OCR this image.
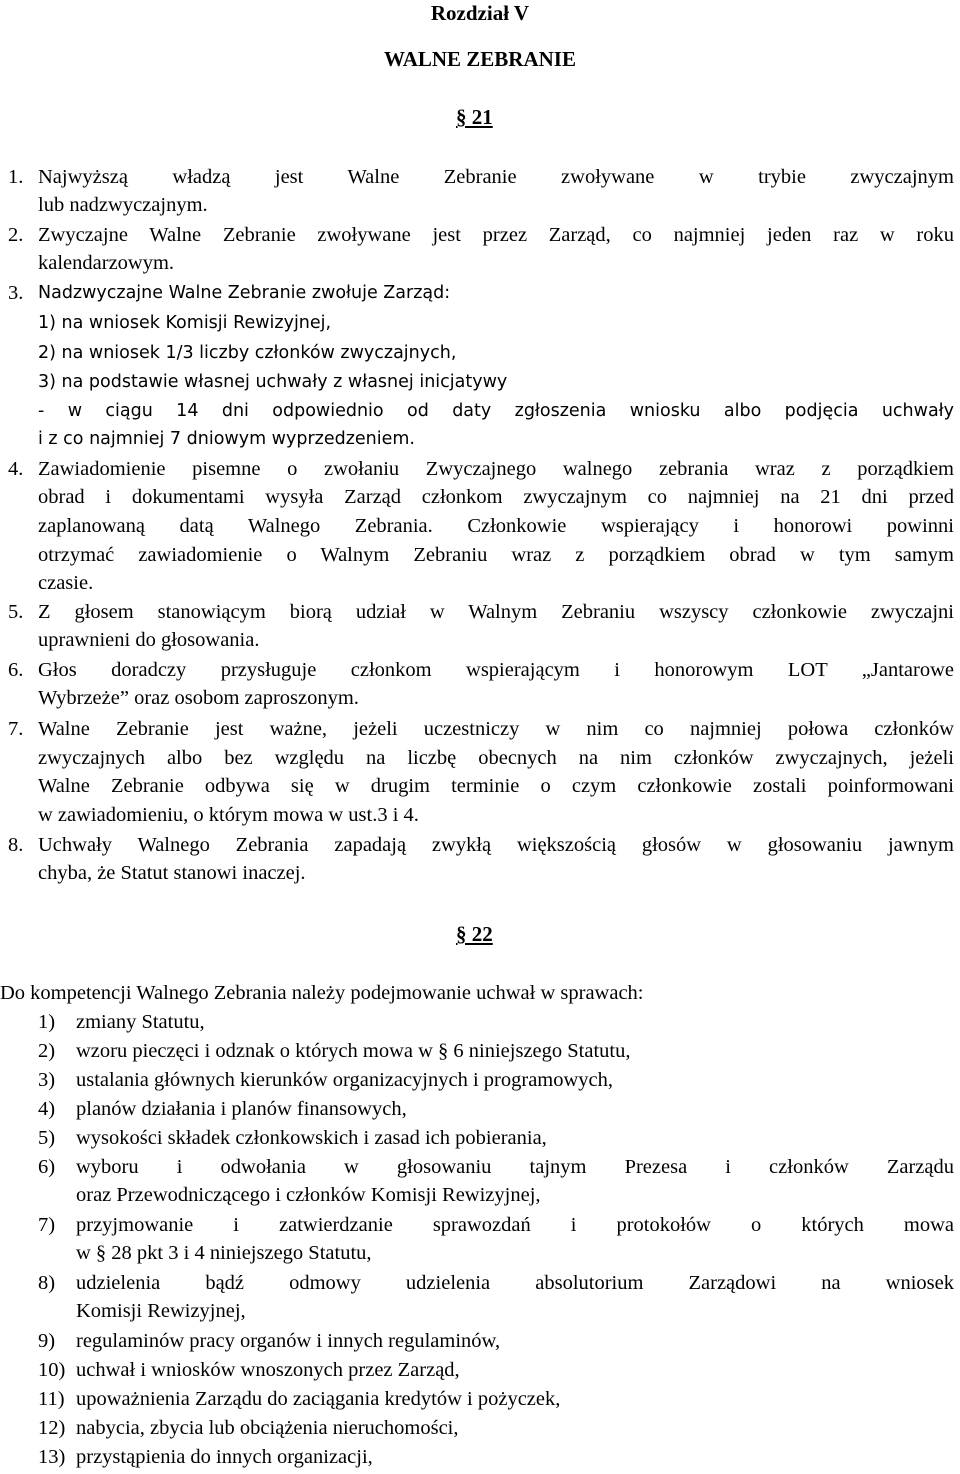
Rozdział V
WALNE ZEBRANIE
§ 21
1. Najwyższą władzą jest Walne Zebranie zwoływane w trybie zwyczajnym
lub nadzwyczajnym.
2. Zwyczajne Walne Zebranie zwoływane jest przez Zarząd, co najmniej jeden raz w roku
kalendarzowym.
3. Nadzwyczajne Walne Zebranie zwołuje Zarząd:
1) na wniosek Komisji Rewizyjnej,
2) na wniosek 1/3 liczby członków zwyczajnych,
3) na podstawie własnej uchwały z własnej inicjatywy
- w ciągu 14 dni odpowiednio od daty zgłoszenia wniosku albo podjęcia uchwały
i z co najmniej 7 dniowym wyprzedzeniem.
4. Zawiadomienie pisemne o zwołaniu Zwyczajnego walnego zebrania wraz z porządkiem
obrad i dokumentami wysyła Zarząd członkom zwyczajnym co najmniej na 21 dni przed
zaplanowaną datą Walnego Zebrania. Członkowie wspierający i honorowi powinni
otrzymać zawiadomienie o Walnym Zebraniu wraz z porządkiem obrad w tym samym
czasie.
5. Z głosem stanowiącym biorą udział w Walnym Zebraniu wszyscy członkowie zwyczajni
uprawnieni do głosowania.
6. Głos doradczy przysługuje członkom wspierającym i honorowym LOT „Jantarowe
Wybrzeże” oraz osobom zaproszonym.
7. Walne Zebranie jest ważne, jeżeli uczestniczy w nim co najmniej połowa członków
zwyczajnych albo bez względu na liczbę obecnych na nim członków zwyczajnych, jeżeli
Walne Zebranie odbywa się w drugim terminie o czym członkowie zostali poinformowani
w zawiadomieniu, o którym mowa w ust.3 i 4.
8. Uchwały Walnego Zebrania zapadają zwykłą większością głosów w głosowaniu jawnym
chyba, że Statut stanowi inaczej.
§ 22
Do kompetencji Walnego Zebrania należy podejmowanie uchwał w sprawach:
1) zmiany Statutu,
2) wzoru pieczęci i odznak o których mowa w § 6 niniejszego Statutu,
3) ustalania głównych kierunków organizacyjnych i programowych,
4) planów działania i planów finansowych,
5) wysokości składek członkowskich i zasad ich pobierania,
6) wyboru i odwołania w głosowaniu tajnym Prezesa i członków Zarządu
oraz Przewodniczącego i członków Komisji Rewizyjnej,
7) przyjmowanie i zatwierdzanie sprawozdań i protokołów o których mowa
w § 28 pkt 3 i 4 niniejszego Statutu,
8) udzielenia bądź odmowy udzielenia absolutorium Zarządowi na wniosek
Komisji Rewizyjnej,
9) regulaminów pracy organów i innych regulaminów,
10) uchwał i wniosków wnoszonych przez Zarząd,
11) upoważnienia Zarządu do zaciągania kredytów i pożyczek,
12) nabycia, zbycia lub obciążenia nieruchomości,
13) przystąpienia do innych organizacji,
